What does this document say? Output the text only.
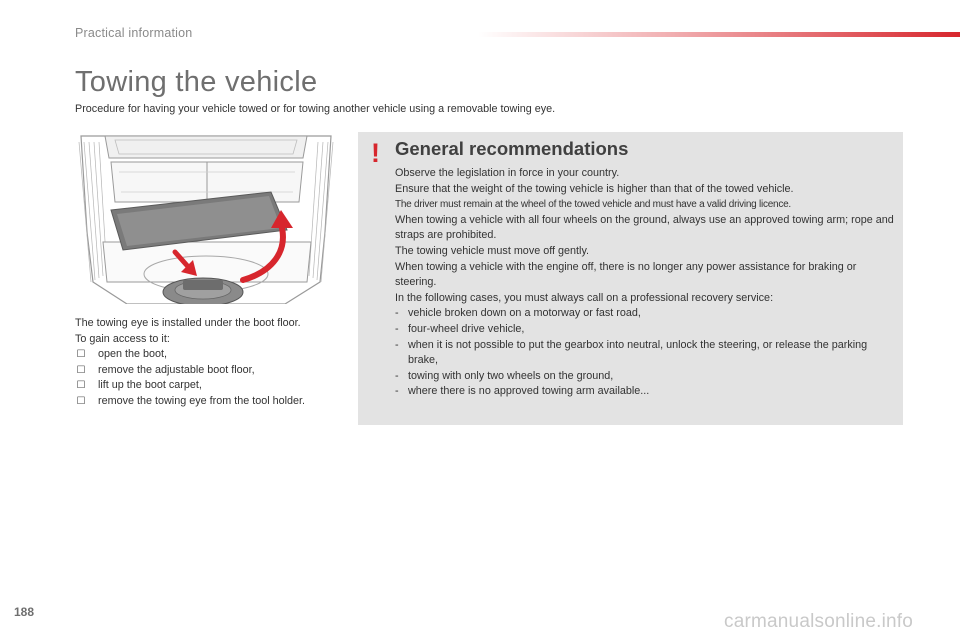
Practical information
Towing the vehicle
Procedure for having your vehicle towed or for towing another vehicle using a removable towing eye.

The towing eye is installed under the boot floor.

To gain access to it:

☐ open the boot,
☐ remove the adjustable boot floor,
☐ lift up the boot carpet,
☐ remove the towing eye from the tool holder.
! General recommendations

Observe the legislation in force in your country.

Ensure that the weight of the towing vehicle is higher than that of the towed vehicle.

The driver must remain at the wheel of the towed vehicle and must have a valid driving licence.

When towing a vehicle with all four wheels on the ground, always use an approved towing arm; rope and straps are prohibited.

The towing vehicle must move off gently.

When towing a vehicle with the engine off, there is no longer any power assistance for braking or steering.

In the following cases, you must always call on a professional recovery service:

- vehicle broken down on a motorway or fast road,
- four-wheel drive vehicle,
- when it is not possible to put the gearbox into neutral, unlock the steering, or release the parking brake,
- towing with only two wheels on the ground,
- where there is no approved towing arm available...
188	carmanualsonline.info
